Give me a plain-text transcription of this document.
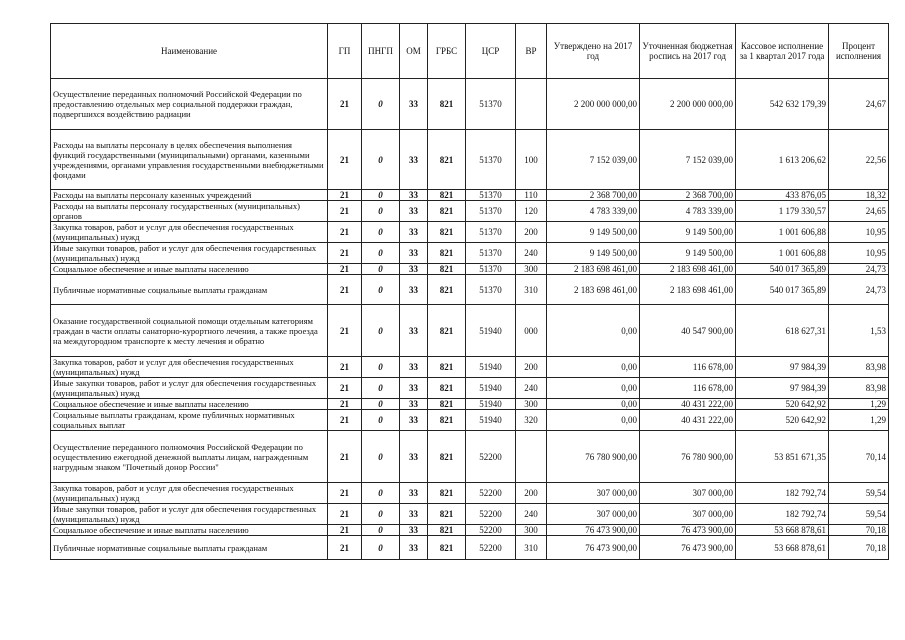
Наименование	ГП	ПНГП	ОМ	ГРБС	ЦСР	ВР	Утверждено на 2017 год	Уточненная бюджетная роспись на 2017 год	Кассовое исполнение за 1 квартал 2017 года	Процент исполнения
Осуществление переданных полномочий Российской Федерации по предоставлению отдельных мер социальной поддержки граждан, подвергшихся воздействию радиации	21	0	33	821	51370		2 200 000 000,00	2 200 000 000,00	542 632 179,39	24,67
Расходы на выплаты персоналу в целях обеспечения выполнения функций государственными (муниципальными) органами, казенными учреждениями, органами управления государственными внебюджетными фондами	21	0	33	821	51370	100	7 152 039,00	7 152 039,00	1 613 206,62	22,56
Расходы на выплаты персоналу казенных учреждений	21	0	33	821	51370	110	2 368 700,00	2 368 700,00	433 876,05	18,32
Расходы на выплаты персоналу государственных (муниципальных) органов	21	0	33	821	51370	120	4 783 339,00	4 783 339,00	1 179 330,57	24,65
Закупка товаров, работ и услуг для обеспечения государственных (муниципальных) нужд	21	0	33	821	51370	200	9 149 500,00	9 149 500,00	1 001 606,88	10,95
Иные закупки товаров, работ и услуг для обеспечения государственных (муниципальных) нужд	21	0	33	821	51370	240	9 149 500,00	9 149 500,00	1 001 606,88	10,95
Социальное обеспечение и иные выплаты населению	21	0	33	821	51370	300	2 183 698 461,00	2 183 698 461,00	540 017 365,89	24,73
Публичные нормативные социальные выплаты гражданам	21	0	33	821	51370	310	2 183 698 461,00	2 183 698 461,00	540 017 365,89	24,73
Оказание государственной социальной помощи отдельным категориям граждан в части оплаты санаторно-курортного лечения, а также проезда на междугородном транспорте к месту лечения и обратно	21	0	33	821	51940	000	0,00	40 547 900,00	618 627,31	1,53
Закупка товаров, работ и услуг для обеспечения государственных (муниципальных) нужд	21	0	33	821	51940	200	0,00	116 678,00	97 984,39	83,98
Иные закупки товаров, работ и услуг для обеспечения государственных (муниципальных) нужд	21	0	33	821	51940	240	0,00	116 678,00	97 984,39	83,98
Социальное обеспечение и иные выплаты населению	21	0	33	821	51940	300	0,00	40 431 222,00	520 642,92	1,29
Социальные выплаты гражданам, кроме публичных нормативных социальных выплат	21	0	33	821	51940	320	0,00	40 431 222,00	520 642,92	1,29
Осуществление переданного полномочия Российской Федерации по осуществлению ежегодной денежной выплаты лицам, награжденным нагрудным знаком "Почетный донор России"	21	0	33	821	52200		76 780 900,00	76 780 900,00	53 851 671,35	70,14
Закупка товаров, работ и услуг для обеспечения государственных (муниципальных) нужд	21	0	33	821	52200	200	307 000,00	307 000,00	182 792,74	59,54
Иные закупки товаров, работ и услуг для обеспечения государственных (муниципальных) нужд	21	0	33	821	52200	240	307 000,00	307 000,00	182 792,74	59,54
Социальное обеспечение и иные выплаты населению	21	0	33	821	52200	300	76 473 900,00	76 473 900,00	53 668 878,61	70,18
Публичные нормативные социальные выплаты гражданам	21	0	33	821	52200	310	76 473 900,00	76 473 900,00	53 668 878,61	70,18
